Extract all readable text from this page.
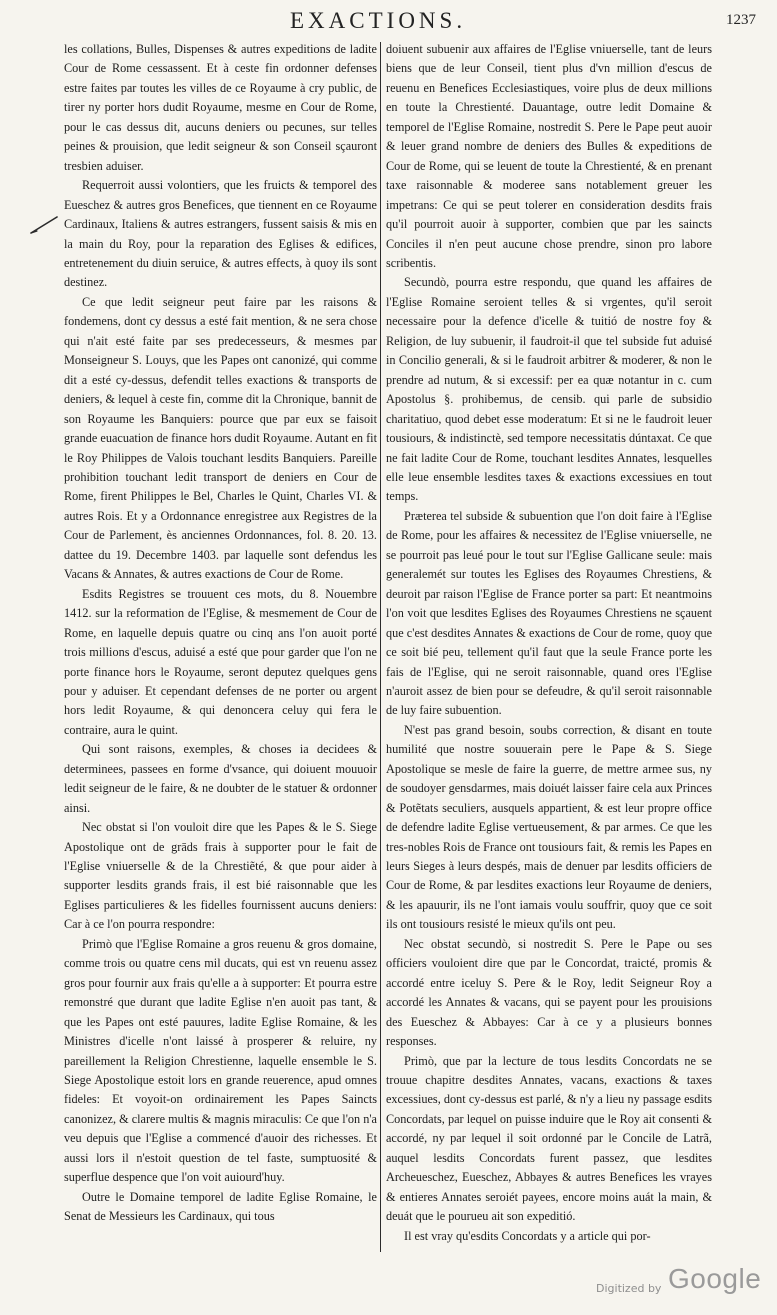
EXACTIONS.	1237

les collations, Bulles, Dispenses & autres expeditions de ladite Cour de Rome cessassent. Et à ceste fin ordonner defenses estre faites par toutes les villes de ce Royaume à cry public, de tirer ny porter hors dudit Royaume, mesme en Cour de Rome, pour le cas dessus dit, aucuns deniers ou pecunes, sur telles peines & prouision, que ledit seigneur & son Conseil sçauront tresbien aduiser.

Requerroit aussi volontiers, que les fruicts & temporel des Eueschez & autres gros Benefices, que tiennent en ce Royaume Cardinaux, Italiens & autres estrangers, fussent saisis & mis en la main du Roy, pour la reparation des Eglises & edifices, entretenement du diuin seruice, & autres effects, à quoy ils sont destinez.

Ce que ledit seigneur peut faire par les raisons & fondemens, dont cy dessus a esté fait mention, & ne sera chose qui n'ait esté faite par ses predecesseurs, & mesmes par Monseigneur S. Louys, que les Papes ont canonizé, qui comme dit a esté cy-dessus, defendit telles exactions & transports de deniers, & lequel à ceste fin, comme dit la Chronique, bannit de son Royaume les Banquiers: pource que par eux se faisoit grande euacuation de finance hors dudit Royaume. Autant en fit le Roy Philippes de Valois touchant lesdits Banquiers. Pareille prohibition touchant ledit transport de deniers en Cour de Rome, firent Philippes le Bel, Charles le Quint, Charles VI. & autres Rois. Et y a Ordonnance enregistree aux Registres de la Cour de Parlement, ès anciennes Ordonnances, fol. 8. 20. 13. dattee du 19. Decembre 1403. par laquelle sont defendus les Vacans & Annates, & autres exactions de Cour de Rome.

Esdits Registres se trouuent ces mots, du 8. Nouembre 1412. sur la reformation de l'Eglise, & mesmement de Cour de Rome, en laquelle depuis quatre ou cinq ans l'on auoit porté trois millions d'escus, aduisé a esté que pour garder que l'on ne porte finance hors le Royaume, seront deputez quelques gens pour y aduiser. Et cependant defenses de ne porter ou argent hors ledit Royaume, & qui denoncera celuy qui fera le contraire, aura le quint.

Qui sont raisons, exemples, & choses ia decidees & determinees, passees en forme d'vsance, qui doiuent mouuoir ledit seigneur de le faire, & ne doubter de le statuer & ordonner ainsi.

Nec obstat si l'on vouloit dire que les Papes & le S. Siege Apostolique ont de grāds frais à supporter pour le fait de l'Eglise vniuerselle & de la Chrestiẽté, & que pour aider à supporter lesdits grands frais, il est bié raisonnable que les Eglises particulieres & les fidelles fournissent aucuns deniers: Car à ce l'on pourra respondre:

Primò que l'Eglise Romaine a gros reuenu & gros domaine, comme trois ou quatre cens mil ducats, qui est vn reuenu assez gros pour fournir aux frais qu'elle a à supporter: Et pourra estre remonstré que durant que ladite Eglise n'en auoit pas tant, & que les Papes ont esté pauures, ladite Eglise Romaine, & les Ministres d'icelle n'ont laissé à prosperer & reluire, ny pareillement la Religion Chrestienne, laquelle ensemble le S. Siege Apostolique estoit lors en grande reuerence, apud omnes fideles: Et voyoit-on ordinairement les Papes Saincts canonizez, & clarere multis & magnis miraculis: Ce que l'on n'a veu depuis que l'Eglise a commencé d'auoir des richesses. Et aussi lors il n'estoit question de tel faste, sumptuosité & superflue despence que l'on voit auiourd'huy.

Outre le Domaine temporel de ladite Eglise Romaine, le Senat de Messieurs les Cardinaux, qui tous

doiuent subuenir aux affaires de l'Eglise vniuerselle, tant de leurs biens que de leur Conseil, tient plus d'vn million d'escus de reuenu en Benefices Ecclesiastiques, voire plus de deux millions en toute la Chrestienté. Dauantage, outre ledit Domaine & temporel de l'Eglise Romaine, nostredit S. Pere le Pape peut auoir & leuer grand nombre de deniers des Bulles & expeditions de Cour de Rome, qui se leuent de toute la Chrestienté, & en prenant taxe raisonnable & moderee sans notablement greuer les impetrans: Ce qui se peut tolerer en consideration desdits frais qu'il pourroit auoir à supporter, combien que par les saincts Conciles il n'en peut aucune chose prendre, sinon pro labore scribentis.

Secundò, pourra estre respondu, que quand les affaires de l'Eglise Romaine seroient telles & si vrgentes, qu'il seroit necessaire pour la defence d'icelle & tuitió de nostre foy & Religion, de luy subuenir, il faudroit-il que tel subside fut aduisé in Concilio generali, & si le faudroit arbitrer & moderer, & non le prendre ad nutum, & si excessif: per ea quæ notantur in c. cum Apostolus §. prohibemus, de censib. qui parle de subsidio charitatiuo, quod debet esse moderatum: Et si ne le faudroit leuer tousiours, & indistinctè, sed tempore necessitatis dúntaxat. Ce que ne fait ladite Cour de Rome, touchant lesdites Annates, lesquelles elle leue ensemble lesdites taxes & exactions excessiues en tout temps.

Præterea tel subside & subuention que l'on doit faire à l'Eglise de Rome, pour les affaires & necessitez de l'Eglise vniuerselle, ne se pourroit pas leué pour le tout sur l'Eglise Gallicane seule: mais generalemét sur toutes les Eglises des Royaumes Chrestiens, & deuroit par raison l'Eglise de France porter sa part: Et neantmoins l'on voit que lesdites Eglises des Royaumes Chrestiens ne sçauent que c'est desdites Annates & exactions de Cour de rome, quoy que ce soit bié peu, tellement qu'il faut que la seule France porte les fais de l'Eglise, qui ne seroit raisonnable, quand ores l'Eglise n'auroit assez de bien pour se defeudre, & qu'il seroit raisonnable de luy faire subuention.

N'est pas grand besoin, soubs correction, & disant en toute humilité que nostre souuerain pere le Pape & S. Siege Apostolique se mesle de faire la guerre, de mettre armee sus, ny de soudoyer gensdarmes, mais doiuét laisser faire cela aux Princes & Potẽtats seculiers, ausquels appartient, & est leur propre office de defendre ladite Eglise vertueusement, & par armes. Ce que les tres-nobles Rois de France ont tousiours fait, & remis les Papes en leurs Sieges à leurs despés, mais de denuer par lesdits officiers de Cour de Rome, & par lesdites exactions leur Royaume de deniers, & les apauurir, ils ne l'ont iamais voulu souffrir, quoy que ce soit ils ont tousiours resisté le mieux qu'ils ont peu.

Nec obstat secundò, si nostredit S. Pere le Pape ou ses officiers vouloient dire que par le Concordat, traicté, promis & accordé entre iceluy S. Pere & le Roy, ledit Seigneur Roy a accordé les Annates & vacans, qui se payent pour les prouisions des Eueschez & Abbayes: Car à ce y a plusieurs bonnes responses.

Primò, que par la lecture de tous lesdits Concordats ne se trouue chapitre desdites Annates, vacans, exactions & taxes excessiues, dont cy-dessus est parlé, & n'y a lieu ny passage esdits Concordats, par lequel on puisse induire que le Roy ait consenti & accordé, ny par lequel il soit ordonné par le Concile de Latrã, auquel lesdits Concordats furent passez, que lesdites Archeueschez, Eueschez, Abbayes & autres Benefices les vrayes & entieres Annates seroiét payees, encore moins auát la main, & deuát que le pourueu ait son expeditió.

Il est vray qu'esdits Concordats y a article qui por-

Digitized by Google
